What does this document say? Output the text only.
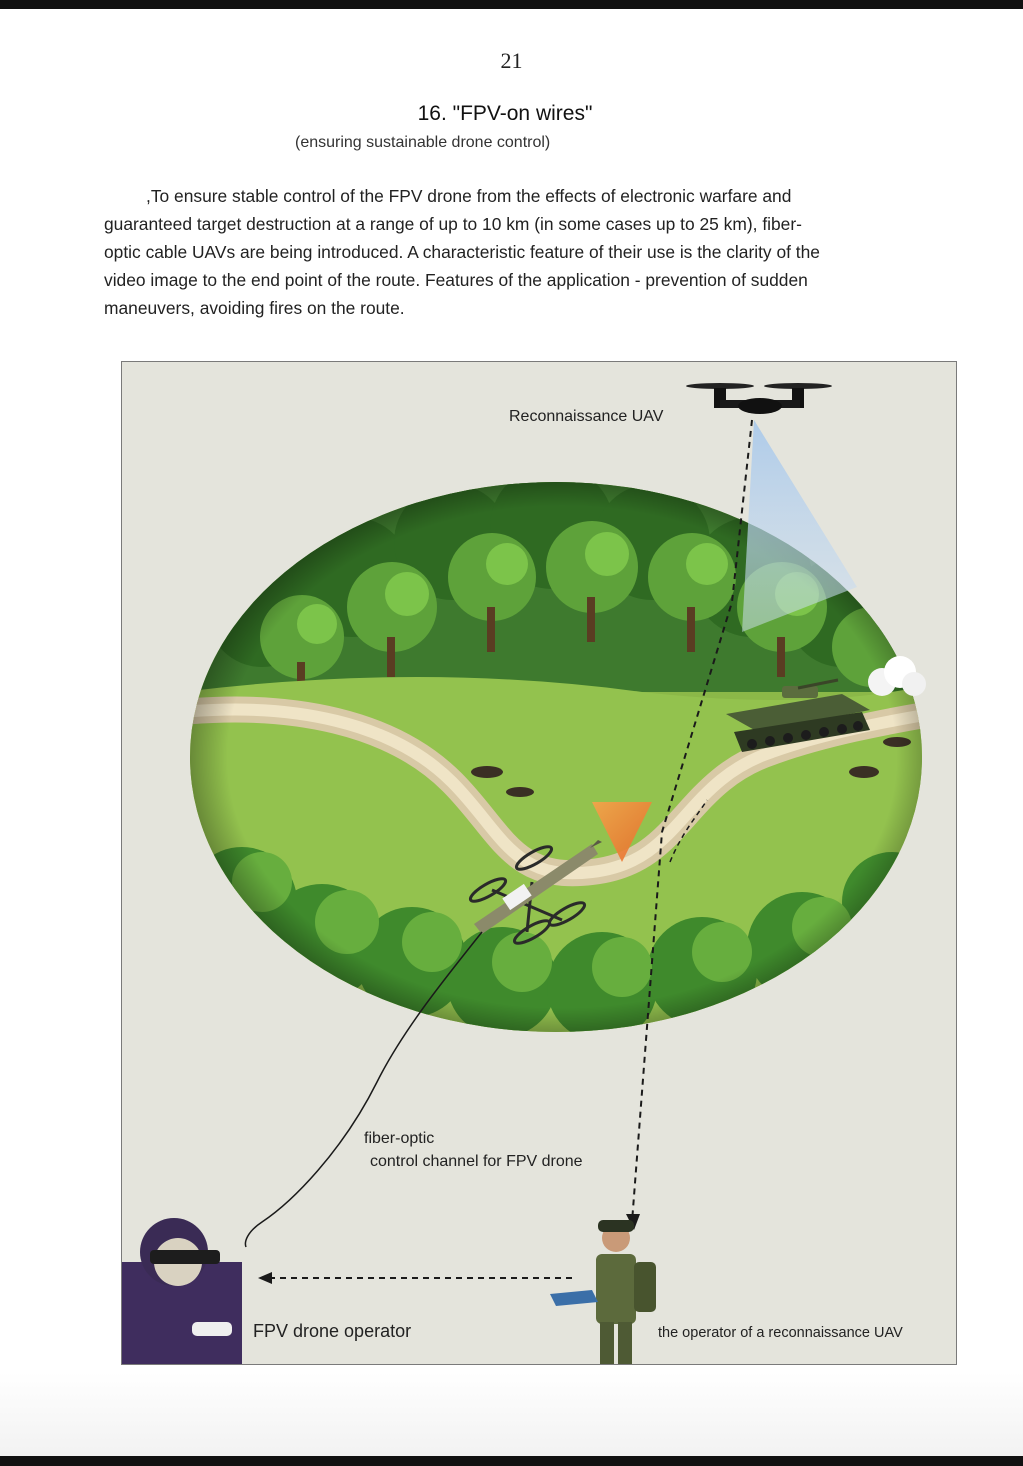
21
16. "FPV-on wires"
(ensuring sustainable drone control)

,To ensure stable control of the FPV drone from the effects of electronic warfare and guaranteed target destruction at a range of up to 10 km (in some cases up to 25 km), fiber-optic cable UAVs are being introduced. A characteristic feature of their use is the clarity of the video image to the end point of the route. Features of the application - prevention of sudden maneuvers, avoiding fires on the route.

Reconnaissance UAV
fiber-optic
control channel for FPV drone
FPV drone operator	the operator of a reconnaissance UAV
